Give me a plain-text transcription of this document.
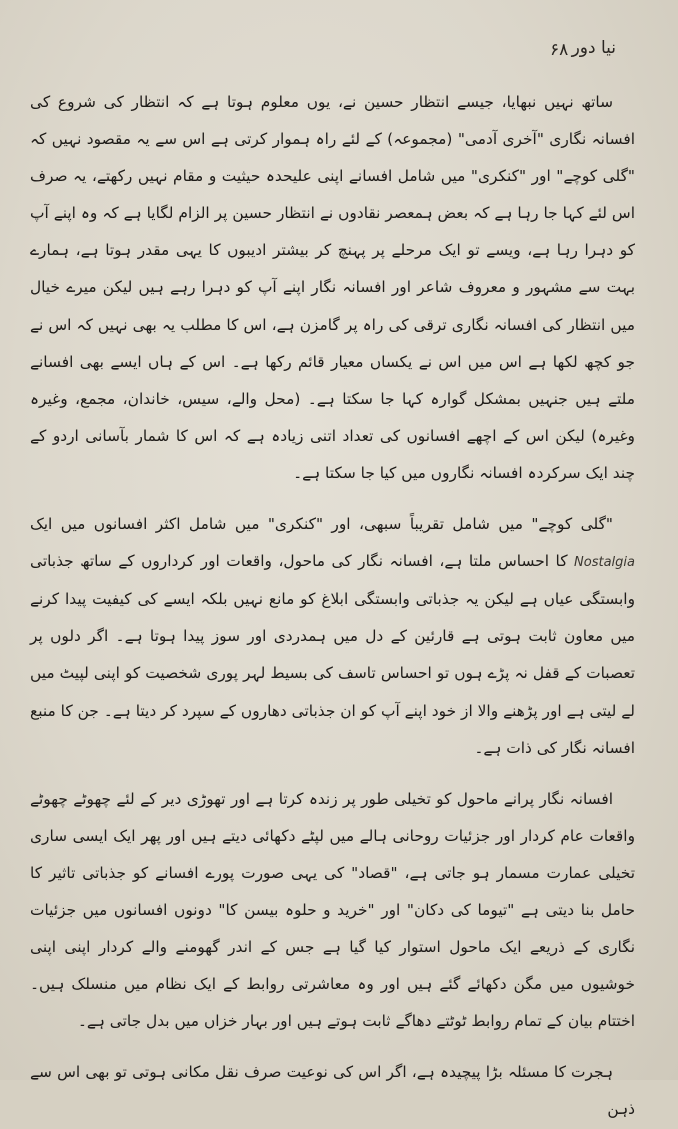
۶۸ نیا دور

ساتھ نہیں نبھایا، جیسے انتظار حسین نے، یوں معلوم ہوتا ہے کہ انتظار کی شروع کی افسانہ نگاری "آخری آدمی" (مجموعہ) کے لئے راہ ہموار کرتی ہے اس سے یہ مقصود نہیں کہ "گلی کوچے" اور "کنکری" میں شامل افسانے اپنی علیحدہ حیثیت و مقام نہیں رکھتے، یہ صرف اس لئے کہا جا رہا ہے کہ بعض ہمعصر نقادوں نے انتظار حسین پر الزام لگایا ہے کہ وہ اپنے آپ کو دہرا رہا ہے، ویسے تو ایک مرحلے پر پہنچ کر بیشتر ادیبوں کا یہی مقدر ہوتا ہے، ہمارے بہت سے مشہور و معروف شاعر اور افسانہ نگار اپنے آپ کو دہرا رہے ہیں لیکن میرے خیال میں انتظار کی افسانہ نگاری ترقی کی راہ پر گامزن ہے، اس کا مطلب یہ بھی نہیں کہ اس نے جو کچھ لکھا ہے اس میں اس نے یکساں معیار قائم رکھا ہے۔ اس کے ہاں ایسے بھی افسانے ملتے ہیں جنہیں بمشکل گوارہ کہا جا سکتا ہے۔ (محل والے، سیس، خاندان، مجمع، وغیرہ وغیرہ) لیکن اس کے اچھے افسانوں کی تعداد اتنی زیادہ ہے کہ اس کا شمار بآسانی اردو کے چند ایک سرکردہ افسانہ نگاروں میں کیا جا سکتا ہے۔

"گلی کوچے" میں شامل تقریباً سبھی، اور "کنکری" میں شامل اکثر افسانوں میں ایک Nostalgia کا احساس ملتا ہے، افسانہ نگار کی ماحول، واقعات اور کرداروں کے ساتھ جذباتی وابستگی عیاں ہے لیکن یہ جذباتی وابستگی ابلاغ کو مانع نہیں بلکہ ایسے کی کیفیت پیدا کرنے میں معاون ثابت ہوتی ہے قارئین کے دل میں ہمدردی اور سوز پیدا ہوتا ہے۔ اگر دلوں پر تعصبات کے قفل نہ پڑے ہوں تو احساس تاسف کی بسیط لہر پوری شخصیت کو اپنی لپیٹ میں لے لیتی ہے اور پڑھنے والا از خود اپنے آپ کو ان جذباتی دھاروں کے سپرد کر دیتا ہے۔ جن کا منبع افسانہ نگار کی ذات ہے۔

افسانہ نگار پرانے ماحول کو تخیلی طور پر زندہ کرتا ہے اور تھوڑی دیر کے لئے چھوٹے چھوٹے واقعات عام کردار اور جزئیات روحانی ہالے میں لپٹے دکھائی دیتے ہیں اور پھر ایک ایسی ساری تخیلی عمارت مسمار ہو جاتی ہے، "قصاد" کی یہی صورت پورے افسانے کو جذباتی تاثیر کا حامل بنا دیتی ہے "تیوما کی دکان" اور "خرید و حلوہ بیسن کا" دونوں افسانوں میں جزئیات نگاری کے ذریعے ایک ماحول استوار کیا گیا ہے جس کے اندر گھومنے والے کردار اپنی اپنی خوشیوں میں مگن دکھائے گئے ہیں اور وہ معاشرتی روابط کے ایک نظام میں منسلک ہیں۔ اختتام بیان کے تمام روابط ٹوٹتے دھاگے ثابت ہوتے ہیں اور بہار خزاں میں بدل جاتی ہے۔

ہجرت کا مسئلہ بڑا پیچیدہ ہے، اگر اس کی نوعیت صرف نقل مکانی ہوتی تو بھی اس سے ذہن
